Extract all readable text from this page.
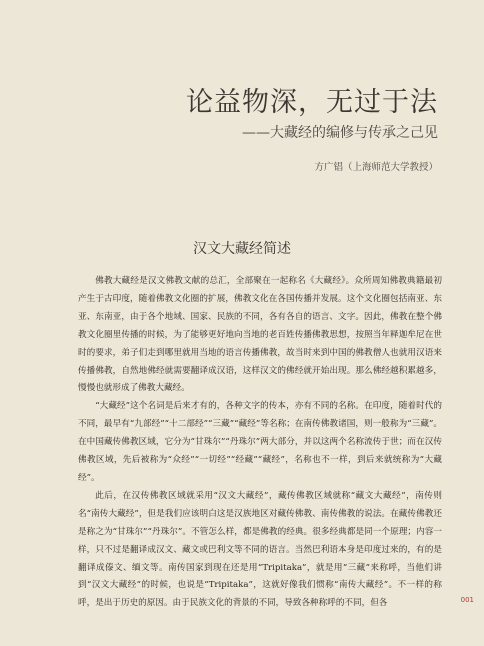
论益物深，无过于法
——大藏经的编修与传承之己见
方广锠（上海师范大学教授）
汉文大藏经简述

佛教大藏经是汉文佛教文献的总汇，全部聚在一起称名《大藏经》。众所周知佛教典籍最初产生于古印度，随着佛教文化圈的扩展，佛教文化在各国传播并发展。这个文化圈包括南亚、东亚、东南亚，由于各个地域、国家、民族的不同，各有各自的语言、文字。因此，佛教在整个佛教文化圈里传播的时候，为了能够更好地向当地的老百姓传播佛教思想，按照当年释迦牟尼在世时的要求，弟子们走到哪里就用当地的语言传播佛教，故当时来到中国的佛教僧人也就用汉语来传播佛教，自然地佛经就需要翻译成汉语，这样汉文的佛经就开始出现。那么佛经越积累越多，慢慢也就形成了佛教大藏经。

“大藏经”这个名词是后来才有的，各种文字的传本，亦有不同的名称。在印度，随着时代的不同，最早有“九部经”“十二部经”“三藏”“藏经”等名称；在南传佛教诸国，则一般称为“三藏”。在中国藏传佛教区域，它分为“甘珠尔”“丹珠尔”两大部分，并以这两个名称流传于世；而在汉传佛教区域，先后被称为“众经”“一切经”“经藏”“藏经”，名称也不一样，到后来就统称为“大藏经”。

此后，在汉传佛教区域就采用“汉文大藏经”，藏传佛教区域就称“藏文大藏经”，南传则名“南传大藏经”，但是我们应该明白这是汉族地区对藏传佛教、南传佛教的说法。在藏传佛教还是称之为“甘珠尔”“丹珠尔”。不管怎么样，都是佛教的经典。很多经典都是同一个原理；内容一样，只不过是翻译成汉文、藏文或巴利文等不同的语言。当然巴利语本身是印度过来的，有的是翻译成傣文、缅文等。南传国家到现在还是用“Tripitaka”，就是用“三藏”来称呼，当他们讲到“汉文大藏经”的时候，也说是“Tripitaka”，这就好像我们惯称“南传大藏经”。不一样的称呼，是出于历史的原因。由于民族文化的背景的不同，导致各种称呼的不同，但各	001
